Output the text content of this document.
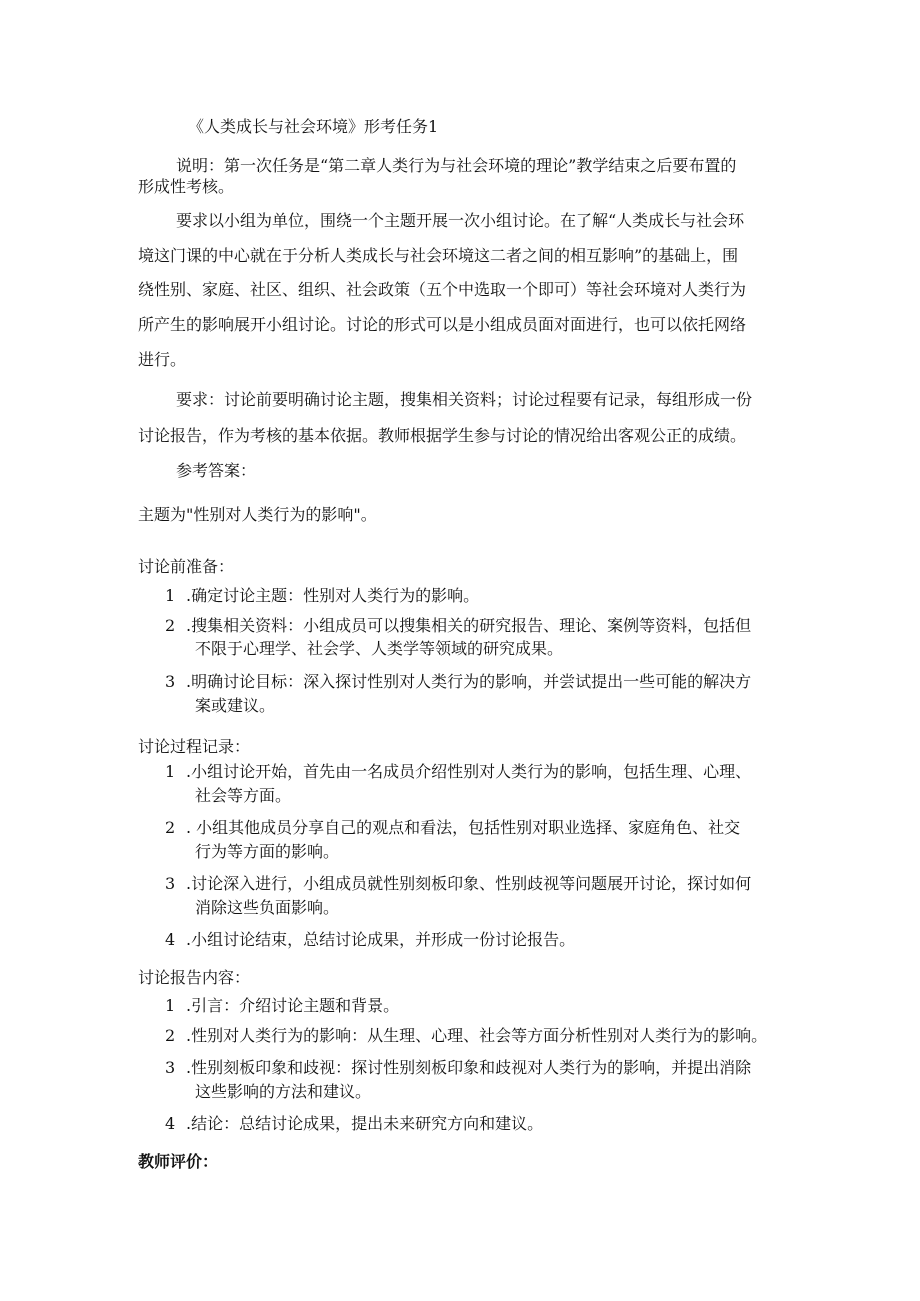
《人类成长与社会环境》形考任务1
说明：第一次任务是“第二章人类行为与社会环境的理论”教学结束之后要布置的
形成性考核。
要求以小组为单位，围绕一个主题开展一次小组讨论。在了解“人类成长与社会环
境这门课的中心就在于分析人类成长与社会环境这二者之间的相互影响”的基础上，围
绕性别、家庭、社区、组织、社会政策（五个中选取一个即可）等社会环境对人类行为
所产生的影响展开小组讨论。讨论的形式可以是小组成员面对面进行，也可以依托网络
进行。
要求：讨论前要明确讨论主题，搜集相关资料；讨论过程要有记录，每组形成一份
讨论报告，作为考核的基本依据。教师根据学生参与讨论的情况给出客观公正的成绩。
参考答案：
主题为"性别对人类行为的影响"。
讨论前准备：
1 .确定讨论主题：性别对人类行为的影响。
2 .搜集相关资料：小组成员可以搜集相关的研究报告、理论、案例等资料，包括但
不限于心理学、社会学、人类学等领域的研究成果。
3 .明确讨论目标：深入探讨性别对人类行为的影响，并尝试提出一些可能的解决方
案或建议。
讨论过程记录：
1 .小组讨论开始，首先由一名成员介绍性别对人类行为的影响，包括生理、心理、
社会等方面。
2 . 小组其他成员分享自己的观点和看法，包括性别对职业选择、家庭角色、社交
行为等方面的影响。
3 .讨论深入进行，小组成员就性别刻板印象、性别歧视等问题展开讨论，探讨如何
消除这些负面影响。
4 .小组讨论结束，总结讨论成果，并形成一份讨论报告。
讨论报告内容：
1 .引言：介绍讨论主题和背景。
2 .性别对人类行为的影响：从生理、心理、社会等方面分析性别对人类行为的影响。
3 .性别刻板印象和歧视：探讨性别刻板印象和歧视对人类行为的影响，并提出消除
这些影响的方法和建议。
4 .结论：总结讨论成果，提出未来研究方向和建议。
教师评价：
